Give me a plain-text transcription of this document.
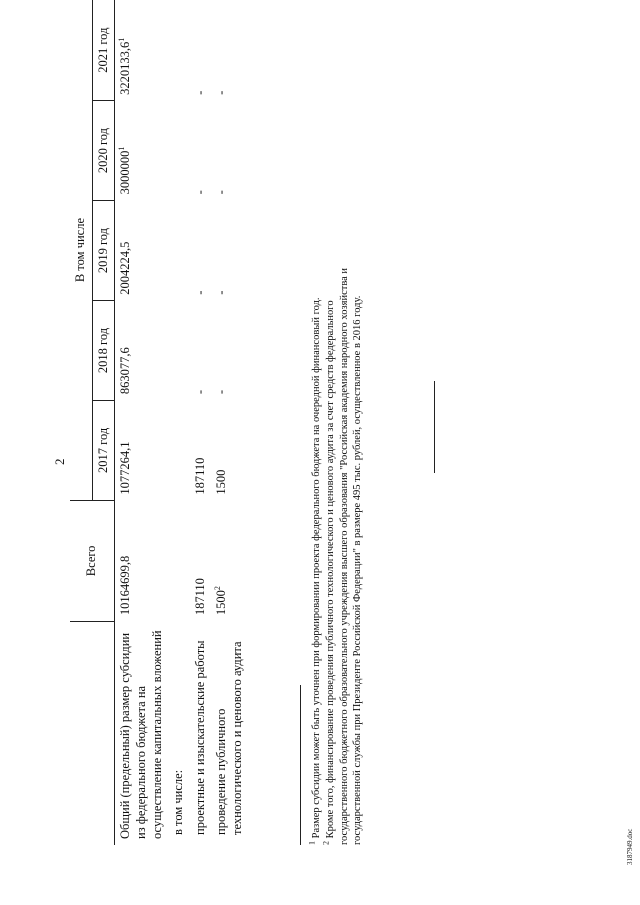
2
	Всего	В том числе				
		2017 год	2018 год	2019 год	2020 год	2021 год
Общий (предельный) размер субсидии из федерального бюджета на осуществление капитальных вложений	10164699,8	1077264,1	863077,6	2004224,5	3000000$^1$	3220133,6$^1$
в том числе:						
проектные и изыскательские работы	187110	187110	-	-	-	-
проведение публичного технологического и ценового аудита	1500$^2$	1500	-	-	-	-
$^1$ Размер субсидии может быть уточнен при формировании проекта федерального бюджета на очередной финансовый год.
$^2$ Кроме того, финансирование проведения публичного технологического и ценового аудита за счет средств федерального государственного бюджетного образовательного учреждения высшего образования "Российская академия народного хозяйства и государственной службы при Президенте Российской Федерации" в размере 495 тыс. рублей, осуществленное в 2016 году.
3187949.doc
